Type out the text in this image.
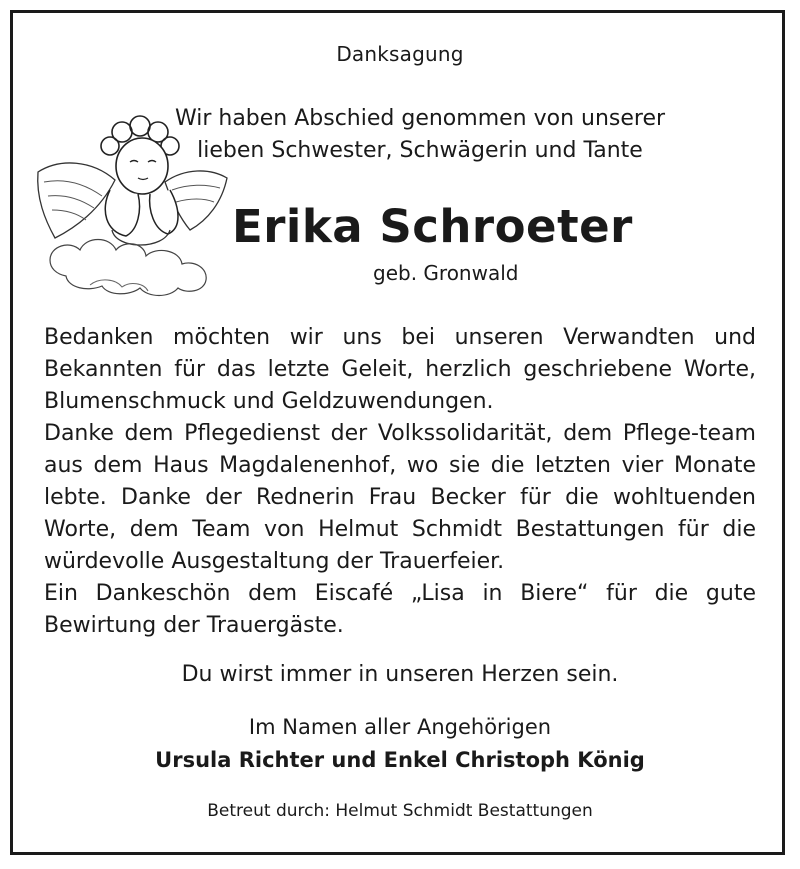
Danksagung
Wir haben Abschied genommen von unserer
lieben Schwester, Schwägerin und Tante
Erika Schroeter
geb. Gronwald

Bedanken möchten wir uns bei unseren Verwandten und Bekannten für das letzte Geleit, herzlich geschriebene Worte, Blumenschmuck und Geldzuwendungen.

Danke dem Pflegedienst der Volkssolidarität, dem Pflege-team aus dem Haus Magdalenenhof, wo sie die letzten vier Monate lebte. Danke der Rednerin Frau Becker für die wohltuenden Worte, dem Team von Helmut Schmidt Bestattungen für die würdevolle Ausgestaltung der Trauerfeier.

Ein Dankeschön dem Eiscafé „Lisa in Biere“ für die gute Bewirtung der Trauergäste.

Du wirst immer in unseren Herzen sein.
Im Namen aller Angehörigen
Ursula Richter und Enkel Christoph König
Betreut durch: Helmut Schmidt Bestattungen
